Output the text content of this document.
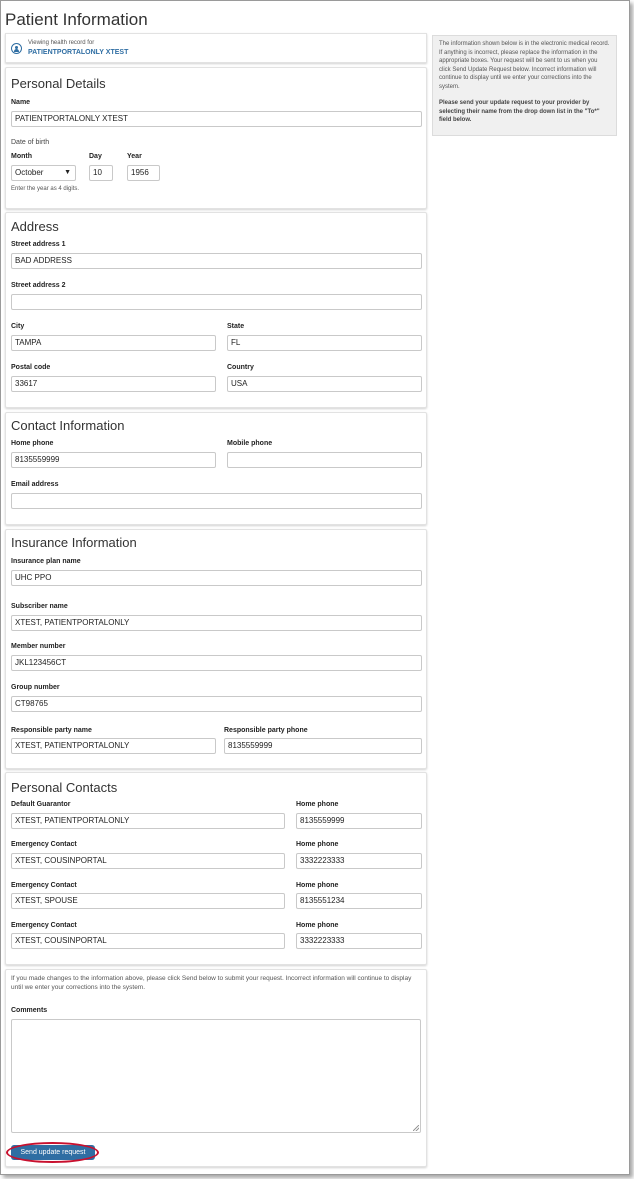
Patient Information
Viewing health record for
PATIENTPORTALONLY XTEST

The information shown below is in the electronic medical record. If anything is incorrect, please replace the information in the appropriate boxes. Your request will be sent to us when you click Send Update Request below. Incorrect information will continue to display until we enter your corrections into the system.

Please send your update request to your provider by selecting their name from the drop down list in the "To*" field below.

Personal Details
Name
PATIENTPORTALONLY XTEST
Date of birth
Month	Day	Year
October	▼	10	1956
Enter the year as 4 digits.
Address
Street address 1
BAD ADDRESS
Street address 2
City	State
TAMPA	FL
Postal code	Country
33617	USA
Contact Information
Home phone	Mobile phone
8135559999
Email address
Insurance Information
Insurance plan name
UHC PPO
Subscriber name
XTEST, PATIENTPORTALONLY
Member number
JKL123456CT
Group number
CT98765
Responsible party name	Responsible party phone
XTEST, PATIENTPORTALONLY	8135559999
Personal Contacts
Default Guarantor	Home phone
XTEST, PATIENTPORTALONLY	8135559999
Emergency Contact	Home phone
XTEST, COUSINPORTAL	3332223333
Emergency Contact	Home phone
XTEST, SPOUSE	8135551234
Emergency Contact	Home phone
XTEST, COUSINPORTAL	3332223333
If you made changes to the information above, please click Send below to submit your request. Incorrect information will continue to display until we enter your corrections into the system.
Comments
Send update request
